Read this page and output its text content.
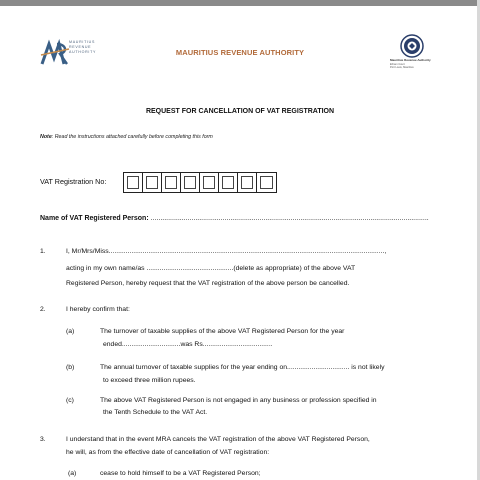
MAURITIUS
REVENUE
AUTHORITY	MAURITIUS REVENUE AUTHORITY
Mauritius Revenue Authority
Ehram Court
Port Louis, Mauritius
REQUEST FOR CANCELLATION OF VAT REGISTRATION
Note: Read the instructions attached carefully before completing this form
VAT Registration No:
Name of VAT Registered Person: ...............................................................................................................................................
1.	I, Mr/Mrs/Miss..................................................................................................................................................,
acting in my own name/as ..............................................(delete as appropriate) of the above VAT
Registered Person, hereby request that the VAT registration of the above person be cancelled.
2.	I hereby confirm that:
(a)	The turnover of taxable supplies of the above VAT Registered Person for the year
ended...............................was Rs.....................................
(b)	The annual turnover of taxable supplies for the year ending on................................. is not likely
to exceed three million rupees.
(c)	The above VAT Registered Person is not engaged in any business or profession specified in
the Tenth Schedule to the VAT Act.
3.	I understand that in the event MRA cancels the VAT registration of the above VAT Registered Person,
he will, as from the effective date of cancellation of VAT registration:
(a)	cease to hold himself to be a VAT Registered Person;
